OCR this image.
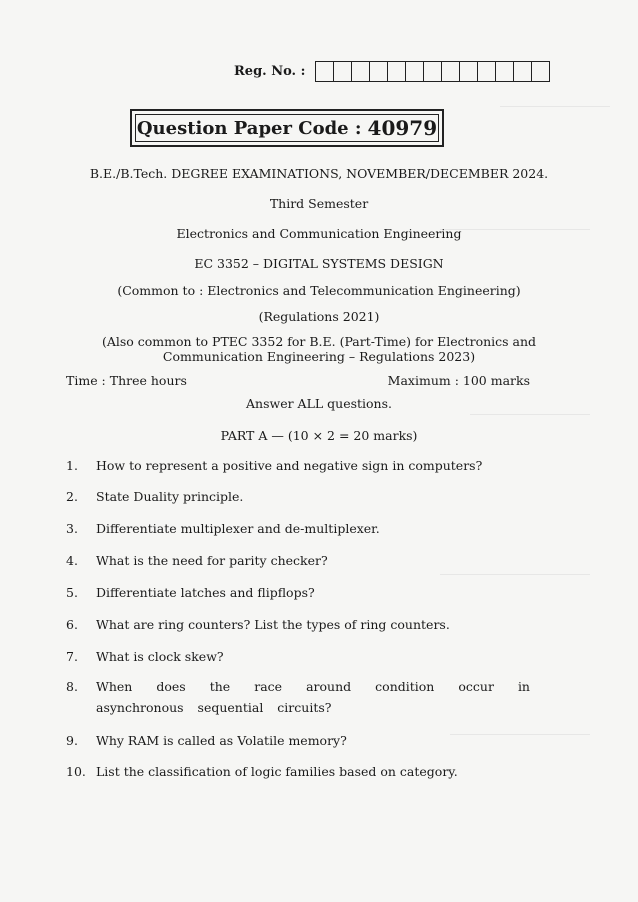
Reg. No. :
Question Paper Code : 40979
B.E./B.Tech. DEGREE EXAMINATIONS, NOVEMBER/DECEMBER 2024.
Third Semester
Electronics and Communication Engineering
EC 3352 – DIGITAL SYSTEMS DESIGN
(Common to : Electronics and Telecommunication Engineering)
(Regulations 2021)
(Also common to PTEC 3352 for B.E. (Part-Time) for Electronics and
Communication Engineering – Regulations 2023)
Time : Three hours	Maximum : 100 marks
Answer ALL questions.
PART A — (10 × 2 = 20 marks)
1.	How to represent a positive and negative sign in computers?
2.	State Duality principle.
3.	Differentiate multiplexer and de-multiplexer.
4.	What is the need for parity checker?
5.	Differentiate latches and flipflops?
6.	What are ring counters? List the types of ring counters.
7.	What is clock skew?
8.	When does the race around condition occur in asynchronous sequential circuits?
9.	Why RAM is called as Volatile memory?
10. List the classification of logic families based on category.
